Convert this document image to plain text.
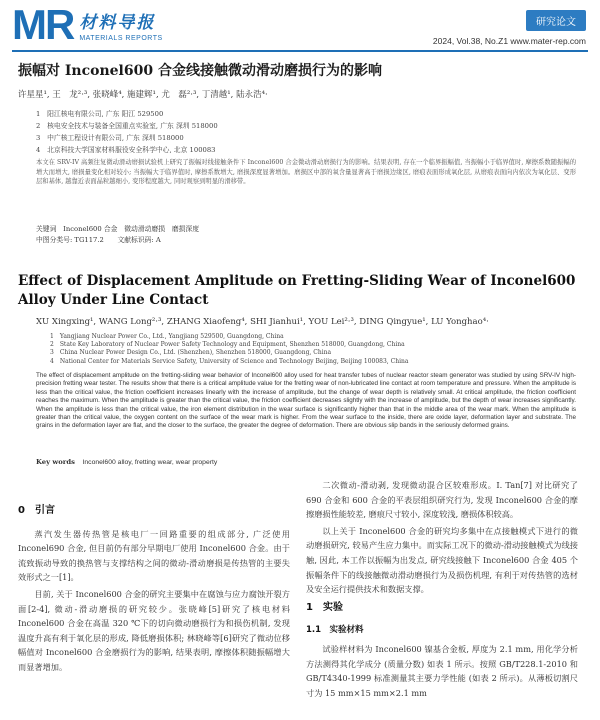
MR 材料导报
MATERIALS REPORTS
研究论文
2024, Vol.38, No.Z1 www.mater-rep.com
振幅对 Inconel600 合金线接触微动滑动磨损行为的影响
许星星¹, 王　龙²·³, 张晓峰⁴, 施建辉¹, 尤　磊²·³, 丁清越¹, 陆永浩⁴·
1　阳江核电有限公司, 广东 阳江 529500
2　核电安全技术与装备全国重点实验室, 广东 深圳 518000
3　中广核工程设计有限公司, 广东 深圳 518000
4　北京科技大学国家材料服役安全科学中心, 北京 100083
本文在 SRV-IV 高频往复微动滑动磨损试验机上研究了振幅对线接触条件下 Inconel600 合金微动滑动磨损行为的影响。结果表明, 存在一个临界振幅值, 当振幅小于临界值时, 摩擦系数随振幅的增大而增大, 磨损量变化相对较小; 当振幅大于临界值时, 摩擦系数增大, 磨损深度显著增加。磨损区中部的氧含量显著高于磨损边缘区, 磨痕表面形成氧化层, 从磨痕表面向内依次为氧化层、变形层和基体, 越靠近表面晶粒越细小, 变形程度越大, 同时观察到明显的滑移带。
关键词　Inconel600 合金　微动滑动磨损　磨损深度
中图分类号: TG117.2　　文献标识码: A
Effect of Displacement Amplitude on Fretting-Sliding Wear of Inconel600 Alloy Under Line Contact
XU Xingxing¹, WANG Long²·³, ZHANG Xiaofeng⁴, SHI Jianhui¹, YOU Lei²·³, DING Qingyue¹, LU Yonghao⁴·
1　Yangjiang Nuclear Power Co., Ltd., Yangjiang 529500, Guangdong, China
2　State Key Laboratory of Nuclear Power Safety Technology and Equipment, Shenzhen 518000, Guangdong, China
3　China Nuclear Power Design Co., Ltd. (Shenzhen), Shenzhen 518000, Guangdong, China
4　National Center for Materials Service Safety, University of Science and Technology Beijing, Beijing 100083, China
The effect of displacement amplitude on the fretting-sliding wear behavior of Inconel600 alloy used for heat transfer tubes of nuclear reactor steam generator was studied by using SRV-IV high-precision fretting wear tester. The results show that there is a critical amplitude value for the fretting wear of non-lubricated line contact at room temperature and pressure. When the amplitude is less than the critical value, the friction coefficient increases linearly with the increase of amplitude, but the change of wear depth is relatively small. At critical amplitude, the friction coefficient reaches the maximum. When the amplitude is greater than the critical value, the friction coefficient decreases slightly with the increase of amplitude, but the depth of wear increases significantly. When the amplitude is less than the critical value, the iron element distribution in the wear surface is significantly higher than that in the middle area of the wear mark. When the amplitude is greater than the critical value, the oxygen content on the surface of the wear mark is higher. From the wear surface to the inside, there are oxide layer, deformation layer and substrate. The grains in the deformation layer are flat, and the closer to the surface, the greater the degree of deformation. There are obvious slip bands in the seriously deformed grains.
Key words Inconel600 alloy, fretting wear, wear property
0　引言
蒸汽发生器传热管是核电厂一回路重要的组成部分, 广泛使用 Inconel690 合金, 但目前仍有部分早期电厂使用 Inconel600 合金。由于流致振动导致的换热管与支撑结构之间的微动-滑动磨损是传热管的主要失效形式之一[1]。
目前, 关于 Inconel600 合金的研究主要集中在腐蚀与应力腐蚀开裂方面[2-4], 微动-滑动磨损的研究较少。张晓峰[5]研究了核电材料 Inconel600 合金在高温 320 ℃下的切向微动磨损行为和损伤机制, 发现温度升高有利于氧化层的形成, 降低磨损体积; 林晓峰等[6]研究了微动位移幅值对 Inconel600 合金磨损行为的影响, 结果表明, 摩擦体积随振幅增大而显著增加。
二次微动-滑动剥, 发现微动混合区较难形成。I. Tan[7] 对比研究了 690 合金和 600 合金的平表层组织研究行为, 发现 Inconel600 合金的摩擦磨损性能较差, 磨痕尺寸较小, 深度较浅, 磨损体积较高。
以上关于 Inconel600 合金的研究均多集中在点接触模式下进行的微动磨损研究, 较易产生应力集中。而实际工况下的微动-滑动接触模式为线接触, 因此, 本工作以振幅为出发点, 研究线接触下 Inconel600 合金 405 个振幅条件下的线接触微动滑动磨损行为及损伤机理, 有利于对传热管的选材及安全运行提供技术和数据支撑。
1　实验
1.1　实验材料
试验样材料为 Inconel600 镍基合金板, 厚度为 2.1 mm, 用化学分析方法测得其化学成分 (质量分数) 如表 1 所示。按照 GB/T228.1-2010 和 GB/T4340-1999 标准测量其主要力学性能 (如表 2 所示)。从薄板切割尺寸为 15 mm×15 mm×2.1 mm
